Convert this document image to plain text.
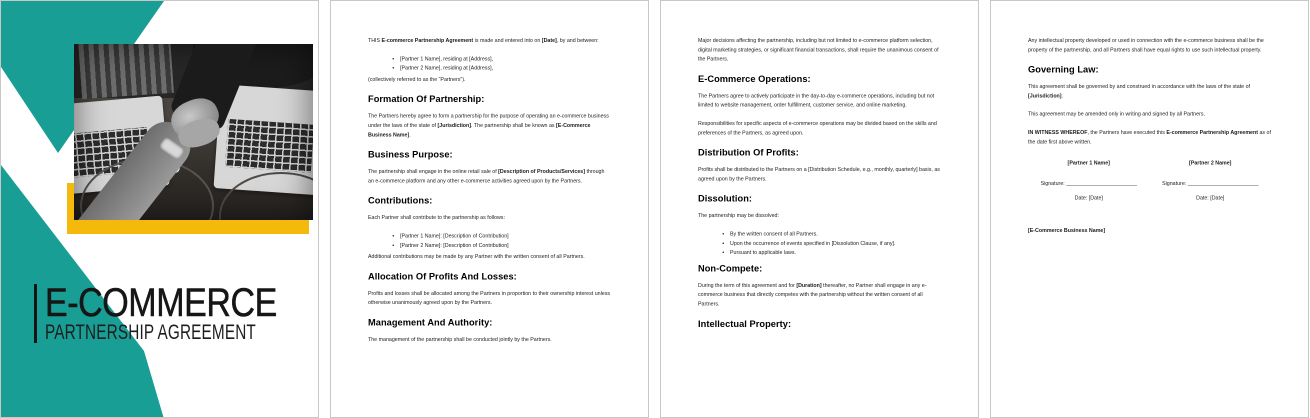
E-COMMERCE
PARTNERSHIP AGREEMENT

THIS E-commerce Partnership Agreement is made and entered into on [Date], by and between:

• [Partner 1 Name], residing at [Address],
• [Partner 2 Name], residing at [Address],

(collectively referred to as the “Partners”).

Formation Of Partnership:

The Partners hereby agree to form a partnership for the purpose of operating an e-commerce business under the laws of the state of [Jurisdiction]. The partnership shall be known as [E-Commerce Business Name].

Business Purpose:

The partnership shall engage in the online retail sale of [Description of Products/Services] through an e-commerce platform and any other e-commerce activities agreed upon by the Partners.

Contributions:

Each Partner shall contribute to the partnership as follows:

• [Partner 1 Name]: [Description of Contribution]
• [Partner 2 Name]: [Description of Contribution]

Additional contributions may be made by any Partner with the written consent of all Partners.

Allocation Of Profits And Losses:

Profits and losses shall be allocated among the Partners in proportion to their ownership interest unless otherwise unanimously agreed upon by the Partners.

Management And Authority:

The management of the partnership shall be conducted jointly by the Partners.

Major decisions affecting the partnership, including but not limited to e-commerce platform selection, digital marketing strategies, or significant financial transactions, shall require the unanimous consent of the Partners.

E-Commerce Operations:

The Partners agree to actively participate in the day-to-day e-commerce operations, including but not limited to website management, order fulfillment, customer service, and online marketing.

Responsibilities for specific aspects of e-commerce operations may be divided based on the skills and preferences of the Partners, as agreed upon.

Distribution Of Profits:

Profits shall be distributed to the Partners on a [Distribution Schedule, e.g., monthly, quarterly] basis, as agreed upon by the Partners.

Dissolution:

The partnership may be dissolved:

• By the written consent of all Partners.
• Upon the occurrence of events specified in [Dissolution Clause, if any].
• Pursuant to applicable laws.
Non-Compete:

During the term of this agreement and for [Duration] thereafter, no Partner shall engage in any e-commerce business that directly competes with the partnership without the written consent of all Partners.

Intellectual Property:

Any intellectual property developed or used in connection with the e-commerce business shall be the property of the partnership, and all Partners shall have equal rights to use such intellectual property.

Governing Law:

This agreement shall be governed by and construed in accordance with the laws of the state of [Jurisdiction].

This agreement may be amended only in writing and signed by all Partners.

IN WITNESS WHEREOF, the Partners have executed this E-commerce Partnership Agreement as of the date first above written.

[Partner 1 Name]
Signature: ________________________
Date: [Date]
[Partner 2 Name]
Signature: ________________________
Date: [Date]

[E-Commerce Business Name]
